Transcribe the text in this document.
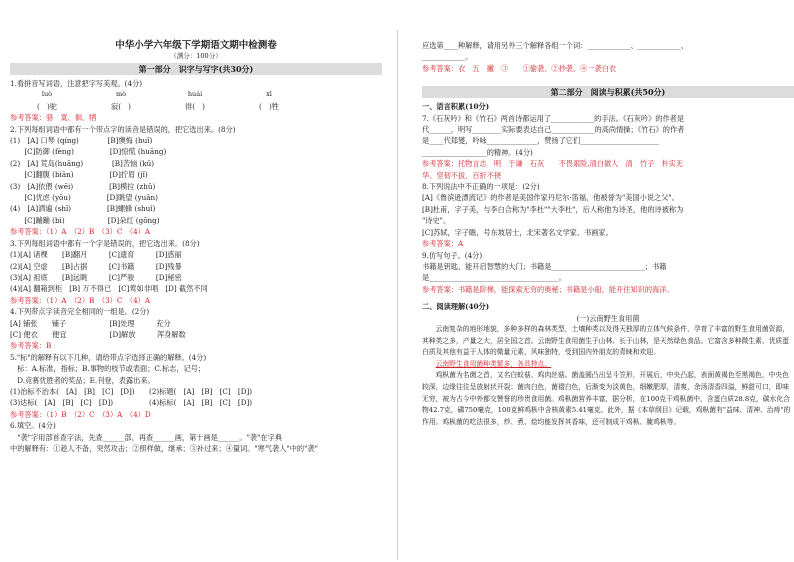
中华小学六年级下学期语文期中检测卷
（满分：100分）
第一部分　识字与写字(共30分)
1.看拼音写词语，注意把字写美观。(4分)
luò	mò	huái	xī
(　)驼	寂(　)	徘(　)	(　)牲
参考答案：骆　寞、徊、牺
2.下列每组词语中都有一个带点字的读音是错误的，把它选出来。(8分)
(1)　[A] 口琴 (qíng)　　　　[B]懊悔 (huǐ)
　　[C]防御 (fèng)　　　　　[D]惊慌 (huāng)
(2)　[A] 荒岛(huāng)　　　　[B]苦恼 (kǔ)
　　[C]翻腹 (biān)　　　　　[D]拧眉 (jǐ)
(3)　[A]依偎 (wēi)　　　　　[B]模拉 (zhǔ)
　　[C]优虑 (yōu)　　　　　[D]眺望 (yuǎn)
(4)　[A]洒遍 (shī)　　　　　[B]螺蜂 (shuǐ)
　　[C]蹦蹦 (bì)　　　　　　[D]朵红 (gōng)
参考答案：（1）A　（2）B　（3）C　（4）A
3.下列每组词语中都有一个字是错误的，把它选出来。(8分)
(1)[A] 诸棵　　[B]翻月　　　[C]遗育　　　[D]惑丽
(2)[A] 空虚　　[B]占据　　　[C]书籍　　　[D]残暴
(3)[A] 祖底　　[B]远眺　　　[C]严骏　　　[D]秘密
(4)[A] 翻箱到柜　[B] 万不得已　[C]莺如非唱　[D] 截然不同
参考答案：（1）A　（2）B　（3）C　（4）A
4.下列带点字读音完全相同的一组是。(2分)
[A] 铺张　　铺子　　　　　　[B]处理　　　充分
[C] 便衣　　便宜　　　　　　[D]解放　　　浑身解数
参考答案：B
5."标"的解释有以下几种，请给带点字选择正确的解释。(4分)
　标：A.标准，指标；B.事物的枝节或表面；C.标志，记号；
　D.竞赛优胜者的奖品；E.刊登，表露出来。
(1)治标不治本(　[A]　[B]　[C]　[D])　　(2)标题(　[A]　[B]　[C]　[D])
(3)达标(　[A]　[B]　[C]　[D])　　　　　(4)标标(　[A]　[B]　[C]　[D])
参考答案：（1）B　（2）C　（3）A　（4）D
6.填空。(4分)
　"袭"字用部首查字法，先查______部，再查______画，第十画是______。"袭"在字典
中的解释有：①趁人不备，突然攻击；②照样做，继承；③补过来；④量词。"寒气袭人"中的"袭"
应选第____种解释，请用另外三个解释各组一个词：____________、____________、
____________。
参考答案：衣　五　撇　③　　①偷袭、②抄袭、④一袭白衣
第二部分　阅读与积累(共50分)
一、语言积累(10分)
7.《石灰吟》和《竹石》两首诗都运用了____________的手法。《石灰吟》的作者是
代______，明写________实际要表达自己____________的高尚情操；《竹石》的作者
是____代郑燮，吟咏______________，赞扬了它们______________________
__________________的精神。(4分)
参考答案：托物言志　明　于谦　石灰　　不畏艰险,清白做人　清　竹子　朴实无
华、坚韧不拔、百折不挠
8.下列说法中不正确的一项是：(2分)
[A]《鲁滨逊漂流记》的作者是美国作家丹尼尔·笛福，他被誉为"美国小说之父"。
[B]杜甫，字子美，与李白合称为"李杜""大李杜"，后人称他为诗圣，他的诗被称为
"诗史"。
[C]苏轼，字子瞻，号东坡居士，北宋著名文学家、书画家。
参考答案：A
9.仿写句子。(4分)
书籍是钥匙，能开启智慧的大门；书籍是__________________________；书籍
是____________________________________。
参考答案：书籍是阶梯，能探索无穷的奥秘；书籍是小船，能开往知识的海洋。
二、阅读理解(40分)
(一)云南野生食用菌
云南复杂的地形地貌，多种多样的森林类型，土壤种类以及得天独厚的立体气候条件，孕育了丰富的野生食用菌资源，其种类之多，产量之大，居全国之首。云南野生食用菌生于山林、长于山林，是天然绿色食品。它富含多种微生素、优质蛋白质及其他有益于人体的微量元素，风味独特，受到国内外朋友的青睐和欢迎。
云南野生食用菌种类繁多，各具特点。
鸡枞菌为名菌之首，又名白蚁菇、鸡肉丝菇。菌盖圆凸出呈斗笠形，开展后，中央凸起，表面黄褐色至黑褐色，中央色较深，边缘往往呈放射状开裂；菌肉白色，菌褶白色，后渐变为淡黄色，细嫩肥厚，清爽，余汤清香四溢，鲜甜可口，即味无穷，被为古今中外都交赞誉的珍贵食用菌。鸡枞菌营养丰富，据分析，在100克干鸡枞菌中，含蛋白质28.8克，碳水化合物42.7克，磷750毫克，100克鲜鸡枞中含核黄素5.41毫克。此外，据《本草纲目》记载，鸡枞菌有"益味、清神、治痔"的作用。鸡枞菌的吃法很多，炒、煮、烩均能发挥其香味，还可制成干鸡枞、腌鸡枞等。
